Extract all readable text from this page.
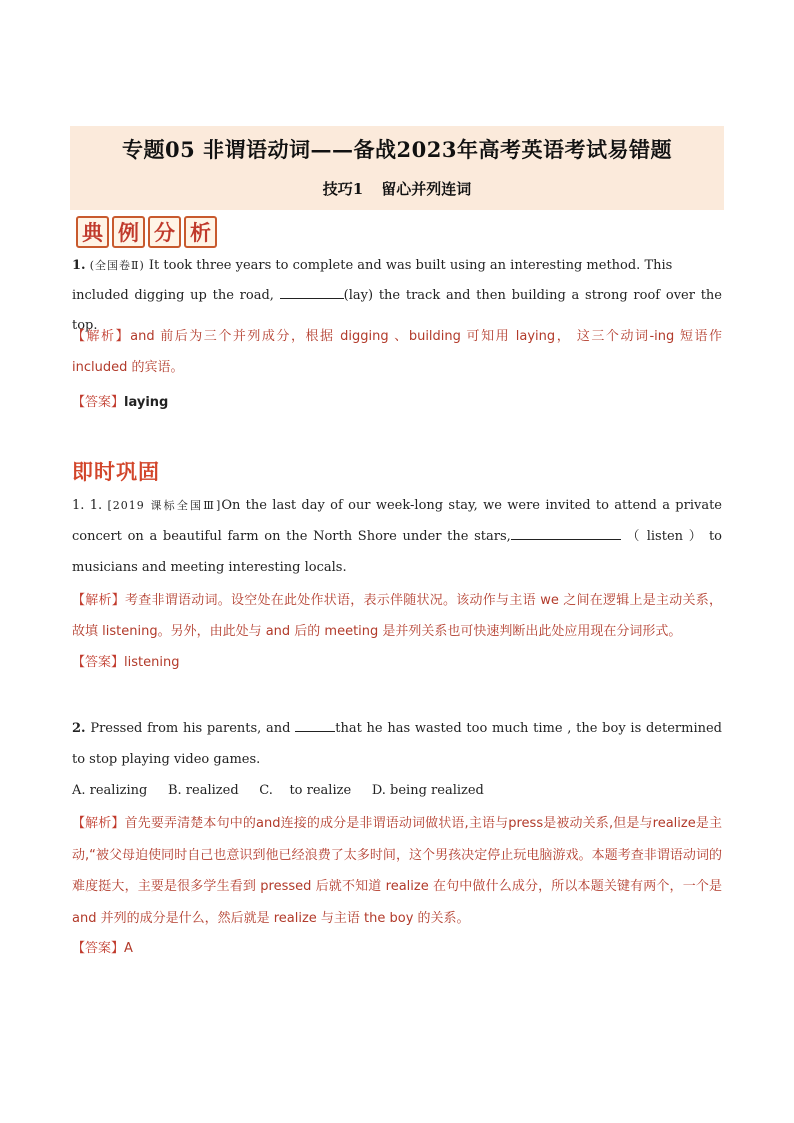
专题05 非谓语动词——备战2023年高考英语考试易错题
技巧1 留心并列连词
典 例 分 析
1. (全国卷Ⅱ) It took three years to complete and was built using an interesting method. This
included digging up the road,	(lay) the track and then building a strong roof over the top.
【解析】and 前后为三个并列成分，根据 digging 、building 可知用 laying， 这三个动词-ing 短语作 included 的宾语。
【答案】laying
即时巩固
1. 1. [2019 课标全国Ⅲ]On the last day of our week-long stay, we were invited to attend a private concert on a beautiful farm on the North Shore under the stars,	（ listen ） to musicians and meeting interesting locals.
【解析】考查非谓语动词。设空处在此处作状语，表示伴随状况。该动作与主语 we 之间在逻辑上是主动关系，故填 listening。另外，由此处与 and 后的 meeting 是并列关系也可快速判断出此处应用现在分词形式。
【答案】listening
2. Pressed from his parents, and	that he has wasted too much time , the boy is determined to stop playing video games.
A. realizing     B. realized     C.    to realize     D. being realized
【解析】首先要弄清楚本句中的and连接的成分是非谓语动词做状语,主语与press是被动关系,但是与realize是主动,“被父母迫使同时自己也意识到他已经浪费了太多时间，这个男孩决定停止玩电脑游戏。本题考查非谓语动词的难度挺大，主要是很多学生看到 pressed 后就不知道 realize 在句中做什么成分，所以本题关键有两个，一个是 and 并列的成分是什么，然后就是 realize 与主语 the boy 的关系。
【答案】A
